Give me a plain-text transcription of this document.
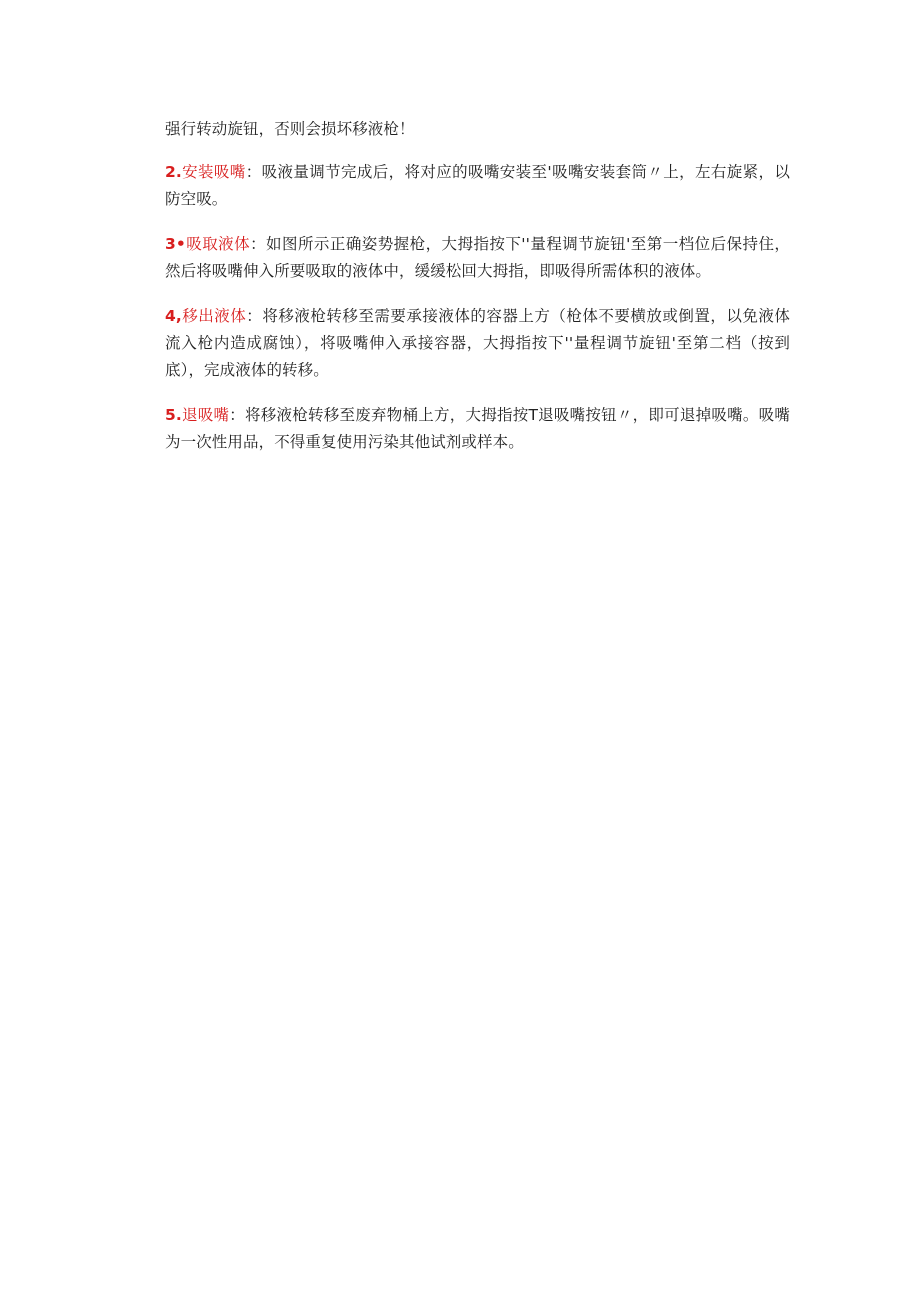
强行转动旋钮，否则会损坏移液枪！

2.安装吸嘴：吸液量调节完成后，将对应的吸嘴安装至'吸嘴安装套筒〃上，左右旋紧，以防空吸。

3•吸取液体：如图所示正确姿势握枪，大拇指按下''量程调节旋钮'至第一档位后保持住，然后将吸嘴伸入所要吸取的液体中，缓缓松回大拇指，即吸得所需体积的液体。

4,移出液体：将移液枪转移至需要承接液体的容器上方（枪体不要横放或倒置，以免液体流入枪内造成腐蚀），将吸嘴伸入承接容器，大拇指按下''量程调节旋钮'至第二档（按到底），完成液体的转移。

5.退吸嘴：将移液枪转移至废弃物桶上方，大拇指按T退吸嘴按钮〃，即可退掉吸嘴。吸嘴为一次性用品，不得重复使用污染其他试剂或样本。
